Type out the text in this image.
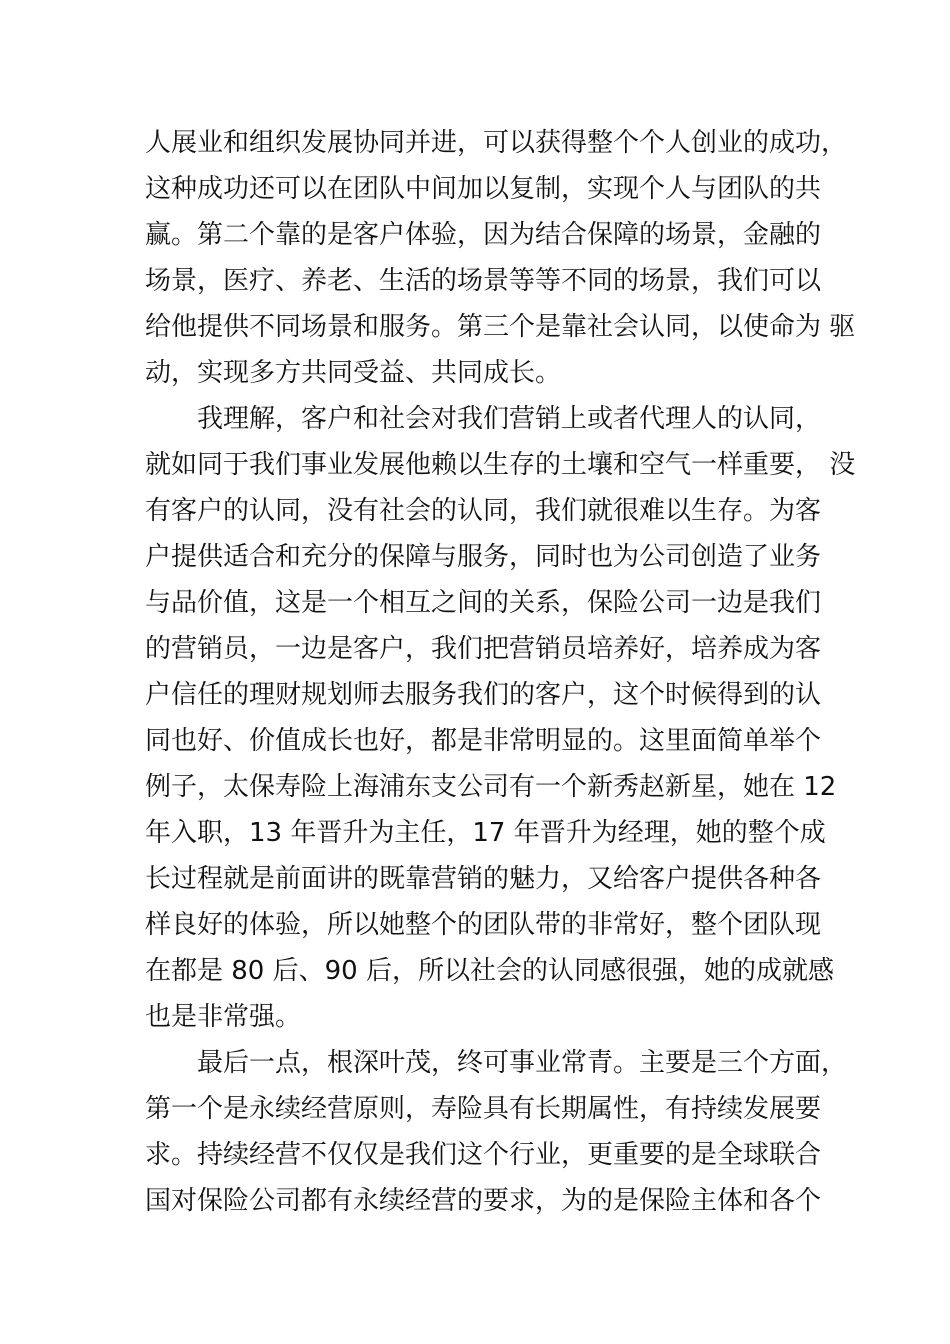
人展业和组织发展协同并进，可以获得整个个人创业的成功，
这种成功还可以在团队中间加以复制，实现个人与团队的共
赢。第二个靠的是客户体验，因为结合保障的场景，金融的
场景，医疗、养老、生活的场景等等不同的场景，我们可以
给他提供不同场景和服务。第三个是靠社会认同，以使命为 驱
动，实现多方共同受益、共同成长。
　　我理解，客户和社会对我们营销上或者代理人的认同，
就如同于我们事业发展他赖以生存的土壤和空气一样重要， 没
有客户的认同，没有社会的认同，我们就很难以生存。为客
户提供适合和充分的保障与服务，同时也为公司创造了业务
与品价值，这是一个相互之间的关系，保险公司一边是我们
的营销员，一边是客户，我们把营销员培养好，培养成为客
户信任的理财规划师去服务我们的客户，这个时候得到的认
同也好、价值成长也好，都是非常明显的。这里面简单举个
例子，太保寿险上海浦东支公司有一个新秀赵新星，她在 12
年入职，13 年晋升为主任，17 年晋升为经理，她的整个成
长过程就是前面讲的既靠营销的魅力，又给客户提供各种各
样良好的体验，所以她整个的团队带的非常好，整个团队现
在都是 80 后、90 后，所以社会的认同感很强，她的成就感
也是非常强。
　　最后一点，根深叶茂，终可事业常青。主要是三个方面，
第一个是永续经营原则，寿险具有长期属性，有持续发展要
求。持续经营不仅仅是我们这个行业，更重要的是全球联合
国对保险公司都有永续经营的要求，为的是保险主体和各个
